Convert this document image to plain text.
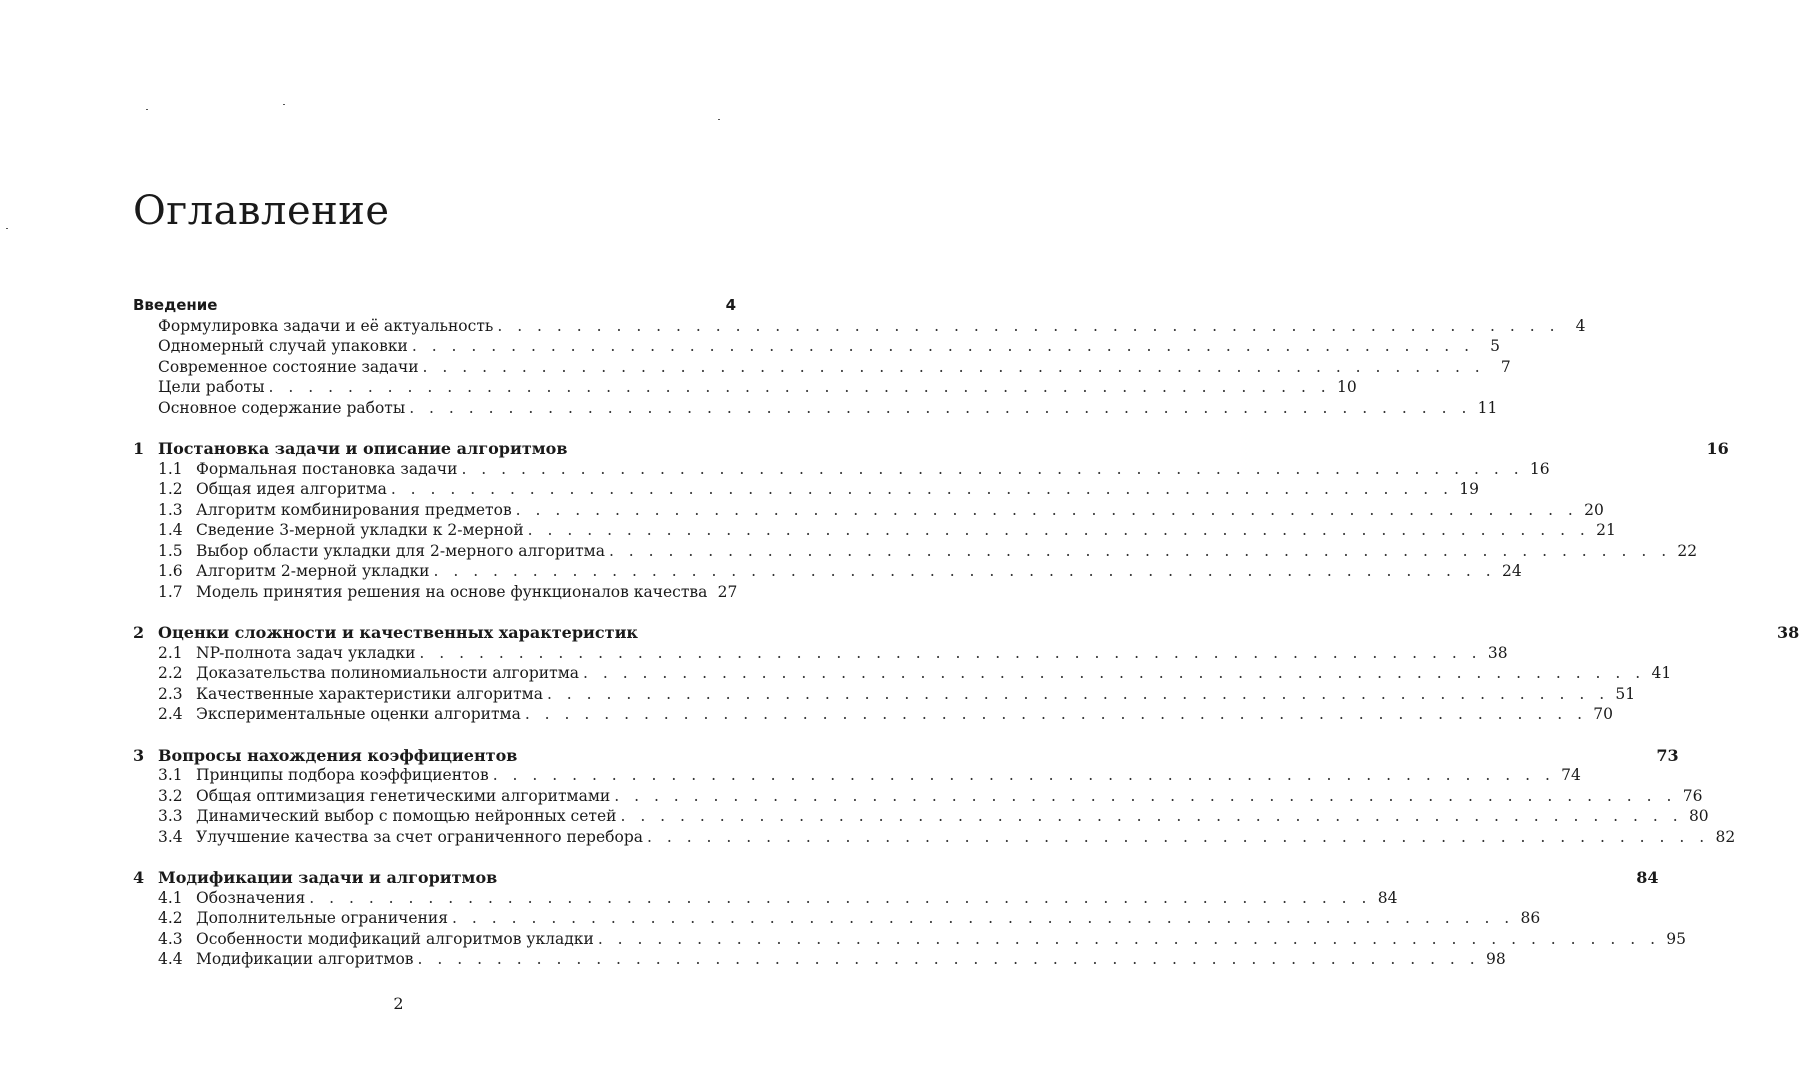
Оглавление
Введение	4
Формулировка задачи и её актуальность . . . . . . . . . . . . . . . . . . . . . . . . . . . . . . . . . . . . . . . . . . . . . . . . . . . . . .	4
Одномерный случай упаковки . . . . . . . . . . . . . . . . . . . . . . . . . . . . . . . . . . . . . . . . . . . . . . . . . . . . . .	5
Современное состояние задачи . . . . . . . . . . . . . . . . . . . . . . . . . . . . . . . . . . . . . . . . . . . . . . . . . . . . . .	7
Цели работы . . . . . . . . . . . . . . . . . . . . . . . . . . . . . . . . . . . . . . . . . . . . . . . . . . . . . . 10
Основное содержание работы . . . . . . . . . . . . . . . . . . . . . . . . . . . . . . . . . . . . . . . . . . . . . . . . . . . . . . 11
1 Постановка задачи и описание алгоритмов	16
1.1 Формальная постановка задачи . . . . . . . . . . . . . . . . . . . . . . . . . . . . . . . . . . . . . . . . . . . . . . . . . . . . . . 16
1.2 Общая идея алгоритма . . . . . . . . . . . . . . . . . . . . . . . . . . . . . . . . . . . . . . . . . . . . . . . . . . . . . . 19
1.3 Алгоритм комбинирования предметов . . . . . . . . . . . . . . . . . . . . . . . . . . . . . . . . . . . . . . . . . . . . . . . . . . . . . . 20
1.4 Сведение 3-мерной укладки к 2-мерной . . . . . . . . . . . . . . . . . . . . . . . . . . . . . . . . . . . . . . . . . . . . . . . . . . . . . . 21
1.5 Выбор области укладки для 2-мерного алгоритма . . . . . . . . . . . . . . . . . . . . . . . . . . . . . . . . . . . . . . . . . . . . . . . . . . . . . . 22
1.6 Алгоритм 2-мерной укладки . . . . . . . . . . . . . . . . . . . . . . . . . . . . . . . . . . . . . . . . . . . . . . . . . . . . . . 24
1.7 Модель принятия решения на основе функционалов качества 27
2 Оценки сложности и качественных характеристик	38
2.1 NP-полнота задач укладки . . . . . . . . . . . . . . . . . . . . . . . . . . . . . . . . . . . . . . . . . . . . . . . . . . . . . . 38
2.2 Доказательства полиномиальности алгоритма . . . . . . . . . . . . . . . . . . . . . . . . . . . . . . . . . . . . . . . . . . . . . . . . . . . . . . 41
2.3 Качественные характеристики алгоритма . . . . . . . . . . . . . . . . . . . . . . . . . . . . . . . . . . . . . . . . . . . . . . . . . . . . . . 51
2.4 Экспериментальные оценки алгоритма . . . . . . . . . . . . . . . . . . . . . . . . . . . . . . . . . . . . . . . . . . . . . . . . . . . . . . 70
3 Вопросы нахождения коэффициентов	73
3.1 Принципы подбора коэффициентов . . . . . . . . . . . . . . . . . . . . . . . . . . . . . . . . . . . . . . . . . . . . . . . . . . . . . . 74
3.2 Общая оптимизация генетическими алгоритмами . . . . . . . . . . . . . . . . . . . . . . . . . . . . . . . . . . . . . . . . . . . . . . . . . . . . . . 76
3.3 Динамический выбор с помощью нейронных сетей . . . . . . . . . . . . . . . . . . . . . . . . . . . . . . . . . . . . . . . . . . . . . . . . . . . . . . 80
3.4 Улучшение качества за счет ограниченного перебора . . . . . . . . . . . . . . . . . . . . . . . . . . . . . . . . . . . . . . . . . . . . . . . . . . . . . . 82
4 Модификации задачи и алгоритмов	84
4.1 Обозначения . . . . . . . . . . . . . . . . . . . . . . . . . . . . . . . . . . . . . . . . . . . . . . . . . . . . . . 84
4.2 Дополнительные ограничения . . . . . . . . . . . . . . . . . . . . . . . . . . . . . . . . . . . . . . . . . . . . . . . . . . . . . . 86
4.3 Особенности модификаций алгоритмов укладки . . . . . . . . . . . . . . . . . . . . . . . . . . . . . . . . . . . . . . . . . . . . . . . . . . . . . . 95
4.4 Модификации алгоритмов . . . . . . . . . . . . . . . . . . . . . . . . . . . . . . . . . . . . . . . . . . . . . . . . . . . . . . 98
2
